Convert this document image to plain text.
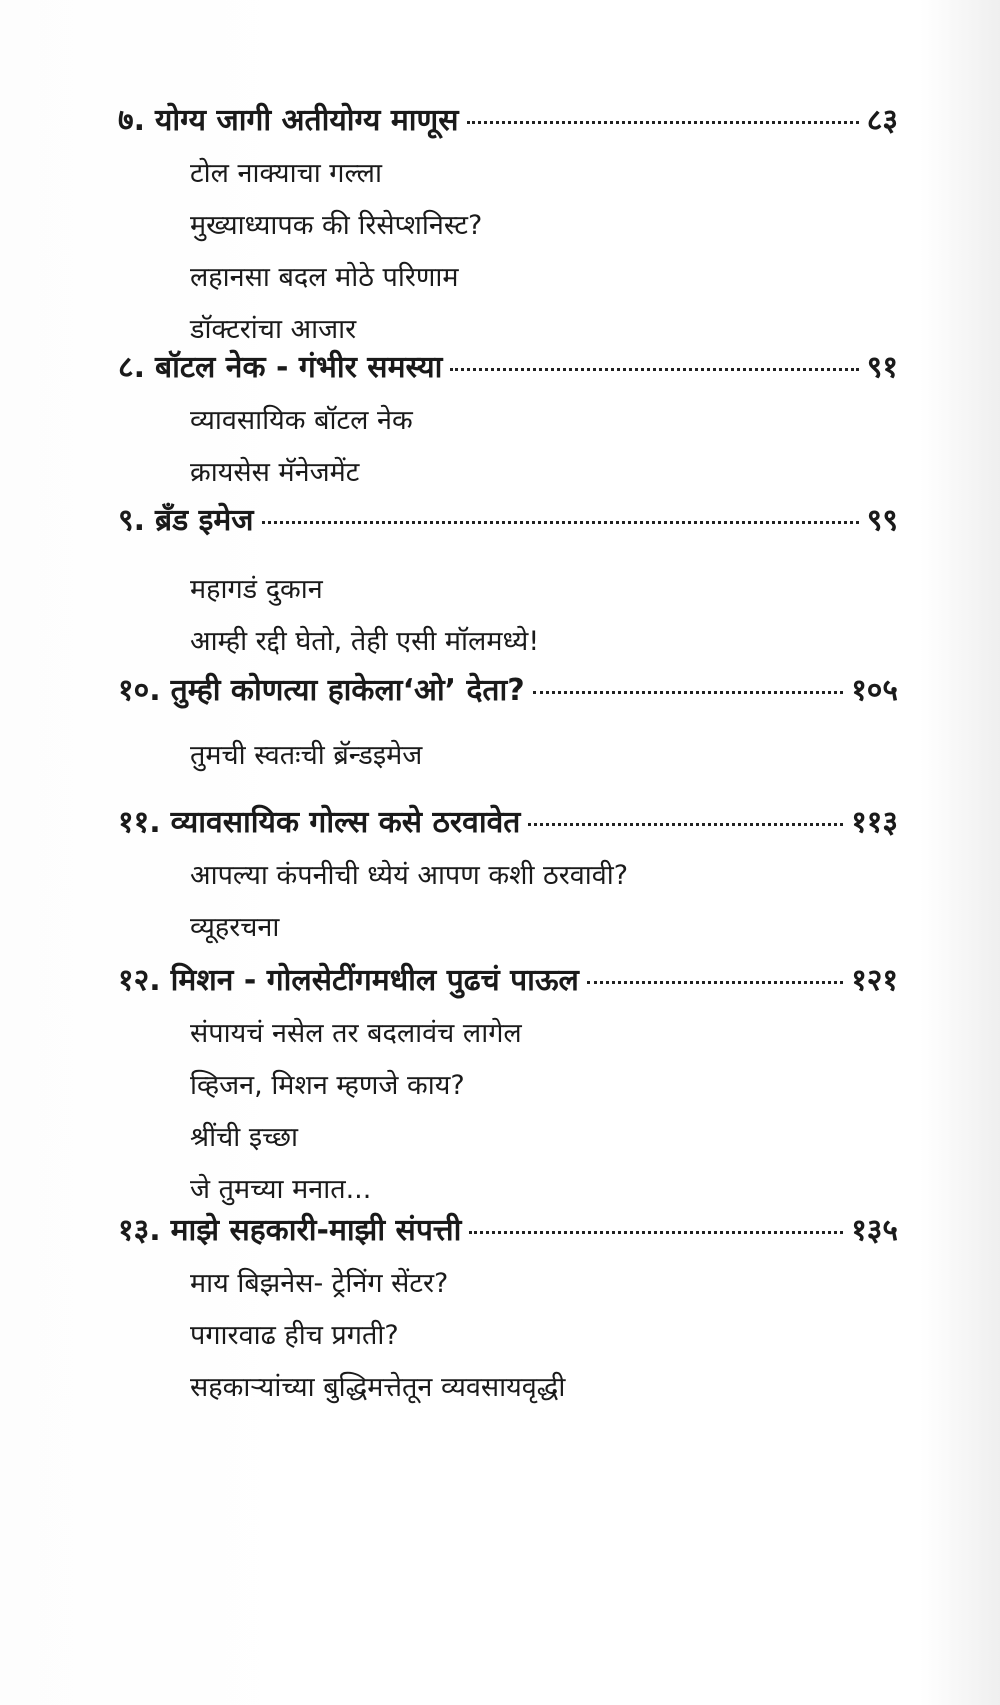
७. योग्य जागी अतीयोग्य माणूस	८३
टोल नाक्याचा गल्ला
मुख्याध्यापक की रिसेप्शनिस्ट?
लहानसा बदल मोठे परिणाम
डॉक्टरांचा आजार
८. बॉटल नेक - गंभीर समस्या	९१
व्यावसायिक बॉटल नेक
क्रायसेस मॅनेजमेंट
९. ब्रँड इमेज	९९
महागडं दुकान
आम्ही रद्दी घेतो, तेही एसी मॉलमध्ये!
१०. तुम्ही कोणत्या हाकेला‘ओ’ देता?	१०५
तुमची स्वतःची ब्रॅन्डइमेज
११. व्यावसायिक गोल्स कसे ठरवावेत	११३
आपल्या कंपनीची ध्येयं आपण कशी ठरवावी?
व्यूहरचना
१२. मिशन - गोलसेटींगमधील पुढचं पाऊल	१२१
संपायचं नसेल तर बदलावंच लागेल
व्हिजन, मिशन म्हणजे काय?
श्रींची इच्छा
जे तुमच्या मनात...
१३. माझे सहकारी-माझी संपत्ती	१३५
माय बिझनेस- ट्रेनिंग सेंटर?
पगारवाढ हीच प्रगती?
सहकाऱ्यांच्या बुद्धिमत्तेतून व्यवसायवृद्धी
